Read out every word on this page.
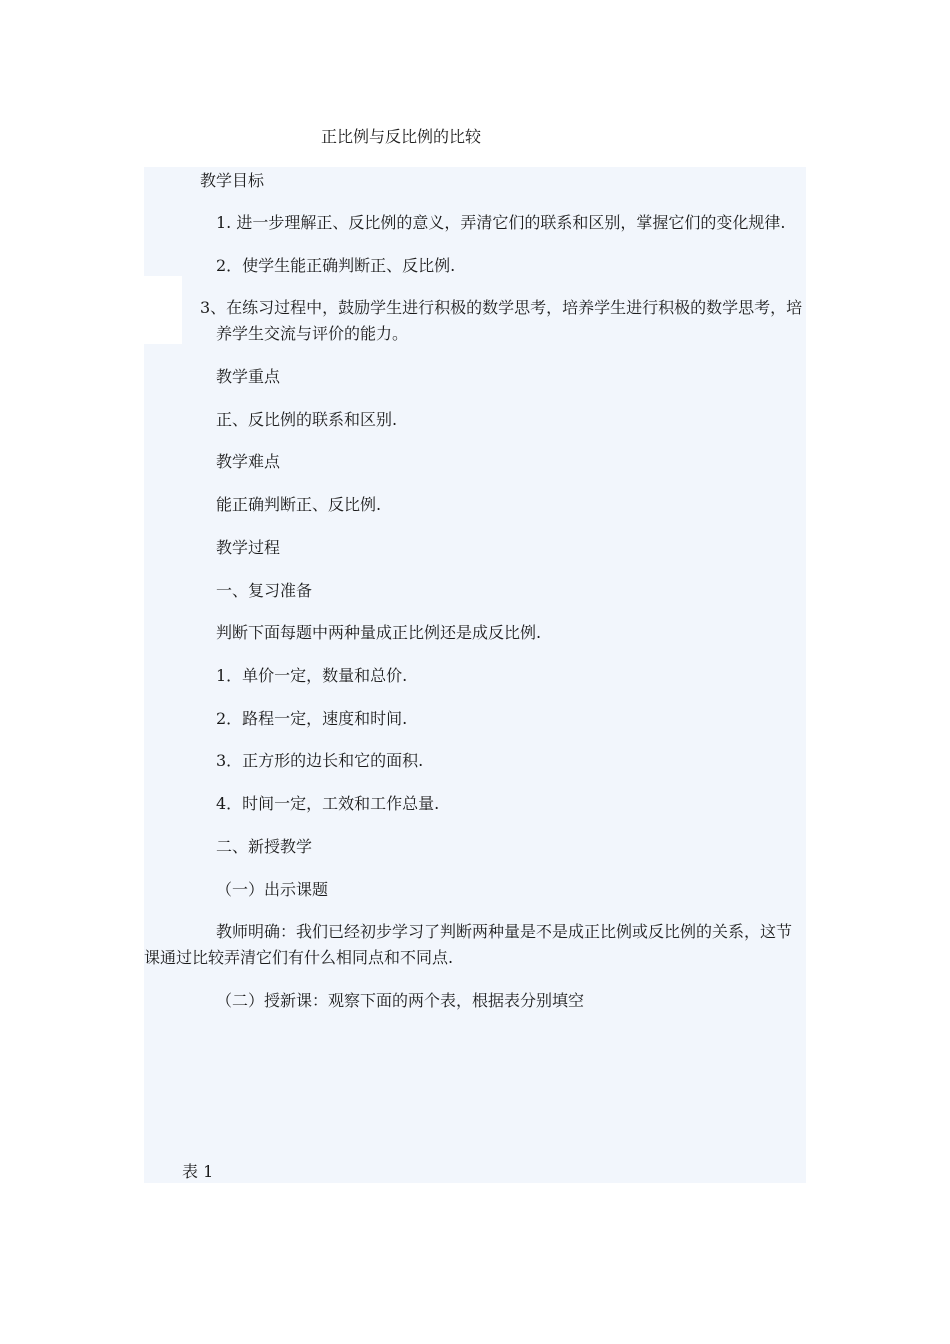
正比例与反比例的比较
教学目标
1. 进一步理解正、反比例的意义，弄清它们的联系和区别，掌握它们的变化规律.
2．使学生能正确判断正、反比例.
3、在练习过程中，鼓励学生进行积极的数学思考，培养学生进行积极的数学思考，培
养学生交流与评价的能力。
教学重点
正、反比例的联系和区别.
教学难点
能正确判断正、反比例.
教学过程
一、复习准备
判断下面每题中两种量成正比例还是成反比例.
1．单价一定，数量和总价.
2．路程一定，速度和时间.
3．正方形的边长和它的面积.
4．时间一定，工效和工作总量.
二、新授教学
（一）出示课题
教师明确：我们已经初步学习了判断两种量是不是成正比例或反比例的关系，这节
课通过比较弄清它们有什么相同点和不同点.
（二）授新课：观察下面的两个表，根据表分别填空
表 1
